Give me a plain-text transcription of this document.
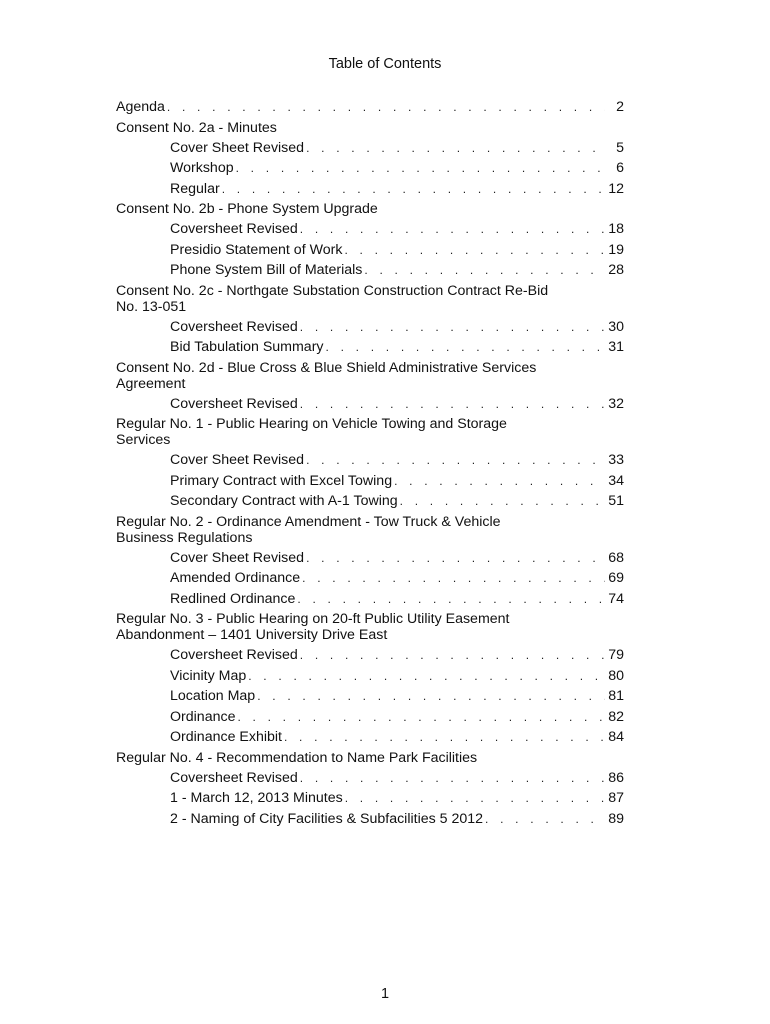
Table of Contents
Agenda . . .	2
Consent No. 2a - Minutes
Cover Sheet Revised . . .	5
Workshop . . .	6
Regular . . .	12
Consent No. 2b - Phone System Upgrade
Coversheet Revised . . .	18
Presidio Statement of Work . . .	19
Phone System Bill of Materials . . .	28
Consent No. 2c - Northgate Substation Construction Contract Re-Bid No. 13-051
Coversheet Revised . . .	30
Bid Tabulation Summary . . .	31
Consent No. 2d - Blue Cross & Blue Shield Administrative Services Agreement
Coversheet Revised . . .	32
Regular No. 1 - Public Hearing on Vehicle Towing and Storage Services
Cover Sheet Revised . . .	33
Primary Contract with Excel Towing . . .	34
Secondary Contract with A-1 Towing . . .	51
Regular No. 2 - Ordinance Amendment - Tow Truck & Vehicle Business Regulations
Cover Sheet Revised . . .	68
Amended Ordinance . . .	69
Redlined Ordinance . . .	74
Regular No. 3 - Public Hearing on 20-ft Public Utility Easement Abandonment – 1401 University Drive East
Coversheet Revised . . .	79
Vicinity Map . . .	80
Location Map . . .	81
Ordinance . . .	82
Ordinance Exhibit . . .	84
Regular No. 4 - Recommendation to Name Park Facilities
Coversheet Revised . . .	86
1 - March 12, 2013 Minutes . . .	87
2 - Naming of City Facilities & Subfacilities 5 2012 . . .	89
1
